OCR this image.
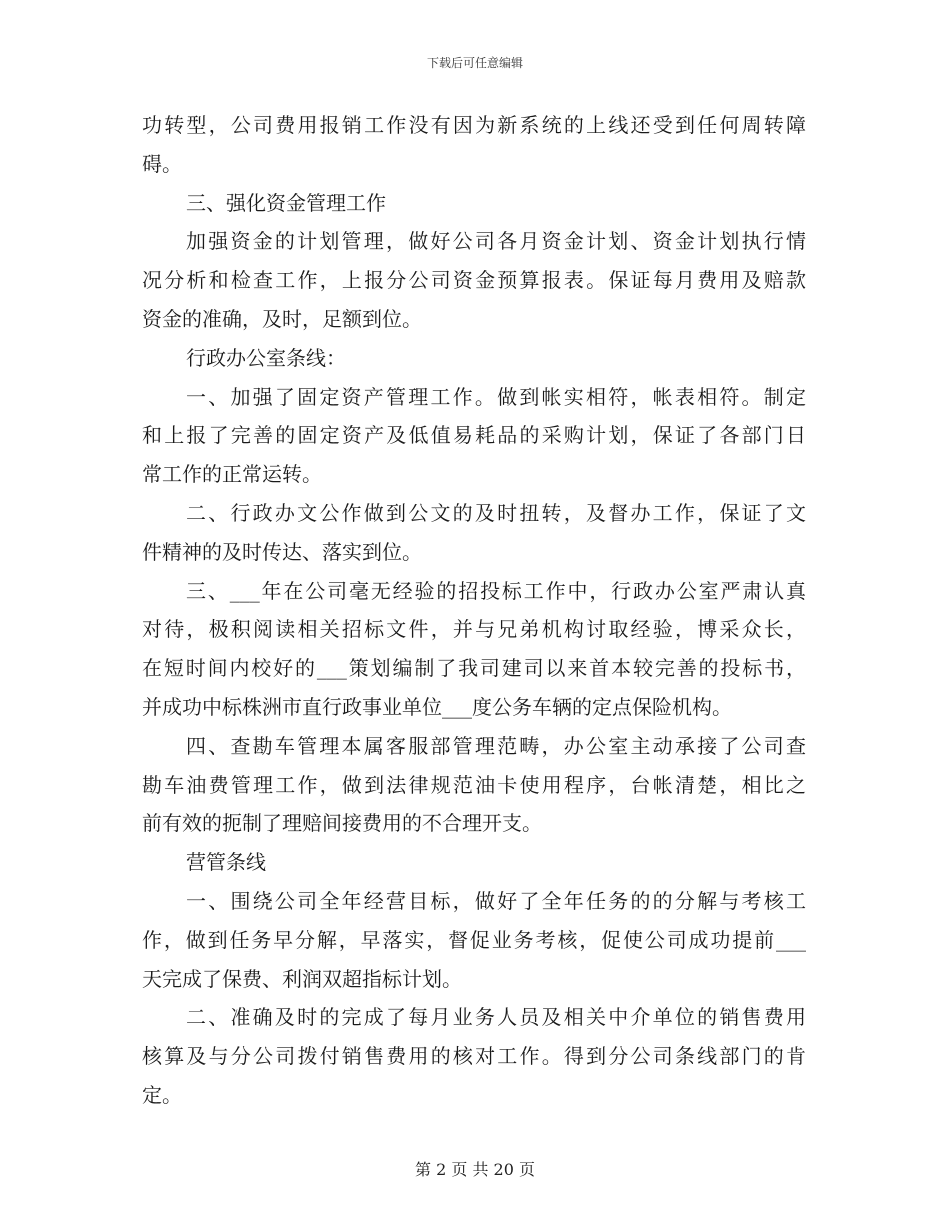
下载后可任意编辑
功转型，公司费用报销工作没有因为新系统的上线还受到任何周转障
碍。
三、强化资金管理工作
加强资金的计划管理，做好公司各月资金计划、资金计划执行情
况分析和检查工作，上报分公司资金预算报表。保证每月费用及赔款
资金的准确，及时，足额到位。
行政办公室条线：
一、加强了固定资产管理工作。做到帐实相符，帐表相符。制定
和上报了完善的固定资产及低值易耗品的采购计划，保证了各部门日
常工作的正常运转。
二、行政办文公作做到公文的及时扭转，及督办工作，保证了文
件精神的及时传达、落实到位。
三、___年在公司毫无经验的招投标工作中，行政办公室严肃认真
对待，极积阅读相关招标文件，并与兄弟机构讨取经验，博采众长，
在短时间内校好的___策划编制了我司建司以来首本较完善的投标书，
并成功中标株洲市直行政事业单位___度公务车辆的定点保险机构。
四、查勘车管理本属客服部管理范畴，办公室主动承接了公司查
勘车油费管理工作，做到法律规范油卡使用程序，台帐清楚，相比之
前有效的扼制了理赔间接费用的不合理开支。
营管条线
一、围绕公司全年经营目标，做好了全年任务的的分解与考核工
作，做到任务早分解，早落实，督促业务考核，促使公司成功提前___
天完成了保费、利润双超指标计划。
二、准确及时的完成了每月业务人员及相关中介单位的销售费用
核算及与分公司拨付销售费用的核对工作。得到分公司条线部门的肯
定。
第 2 页 共 20 页
